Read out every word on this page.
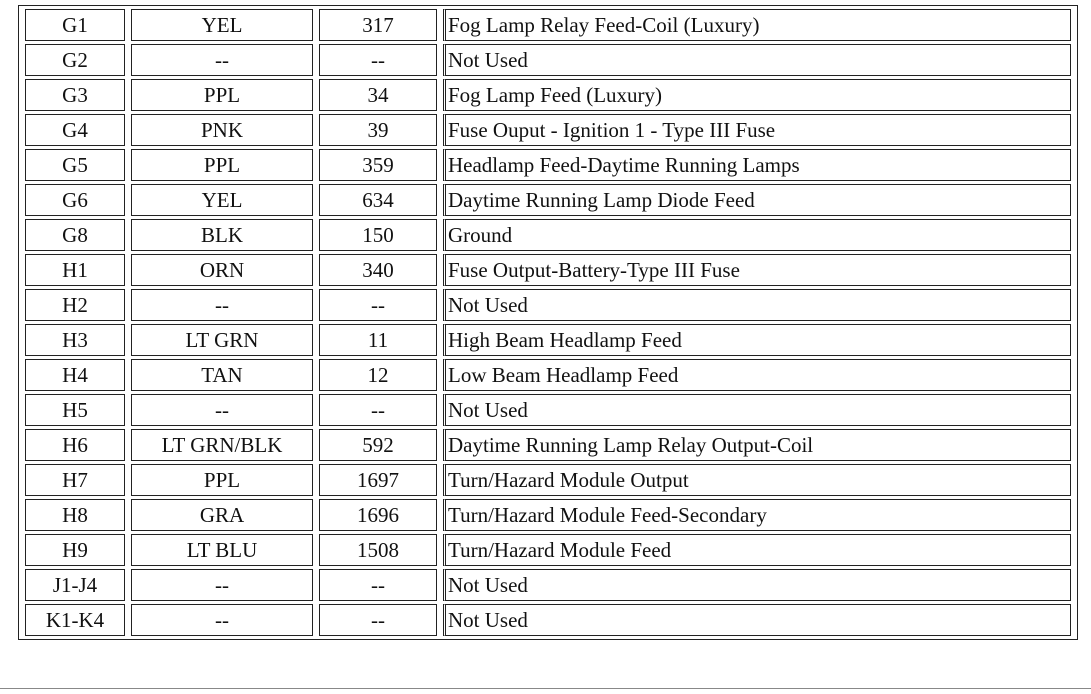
G1	YEL	317	Fog Lamp Relay Feed-Coil (Luxury)
G2	--	--	Not Used
G3	PPL	34	Fog Lamp Feed (Luxury)
G4	PNK	39	Fuse Ouput - Ignition 1 - Type III Fuse
G5	PPL	359	Headlamp Feed-Daytime Running Lamps
G6	YEL	634	Daytime Running Lamp Diode Feed
G8	BLK	150	Ground
H1	ORN	340	Fuse Output-Battery-Type III Fuse
H2	--	--	Not Used
H3	LT GRN	11	High Beam Headlamp Feed
H4	TAN	12	Low Beam Headlamp Feed
H5	--	--	Not Used
H6	LT GRN/BLK	592	Daytime Running Lamp Relay Output-Coil
H7	PPL	1697	Turn/Hazard Module Output
H8	GRA	1696	Turn/Hazard Module Feed-Secondary
H9	LT BLU	1508	Turn/Hazard Module Feed
J1-J4	--	--	Not Used
K1-K4	--	--	Not Used
